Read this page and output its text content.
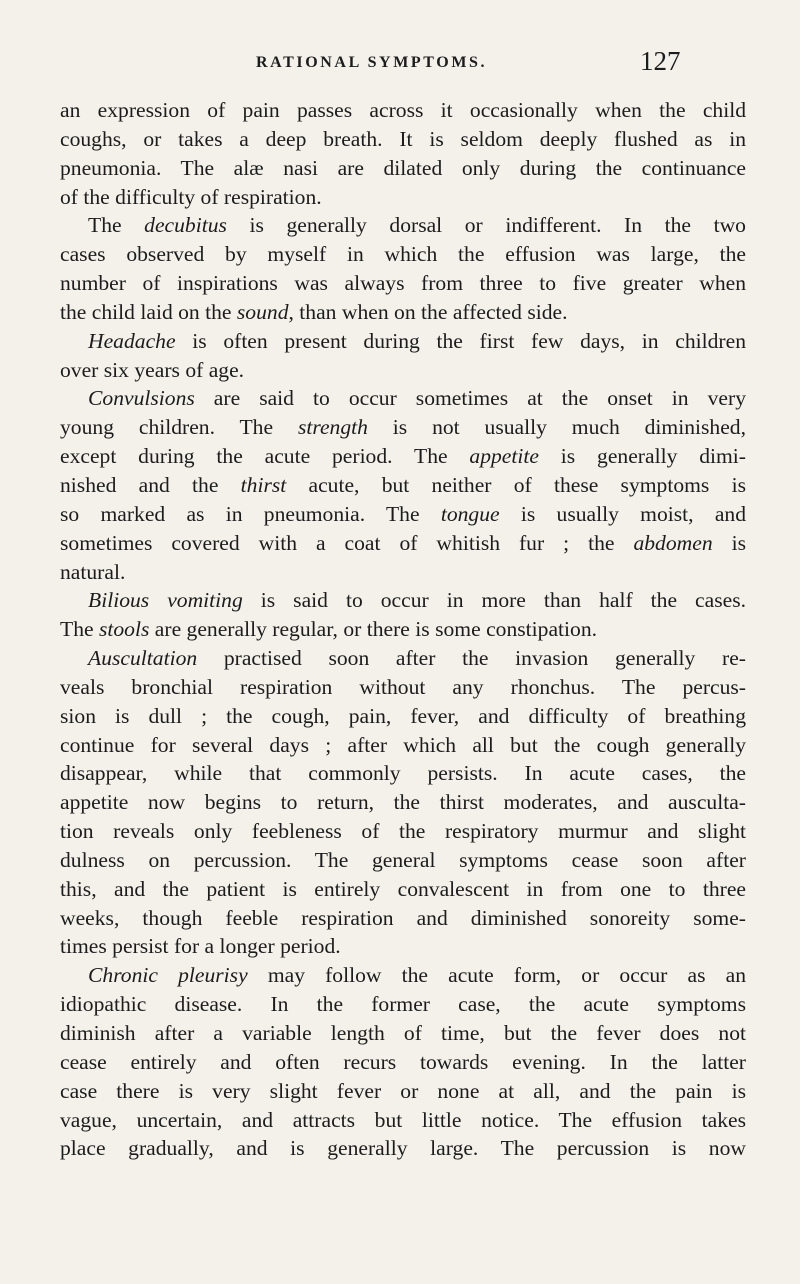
RATIONAL SYMPTOMS.	127
an expression of pain passes across it occasionally when the child
coughs, or takes a deep breath. It is seldom deeply flushed as in
pneumonia. The alæ nasi are dilated only during the continuance
of the difficulty of respiration.
The decubitus is generally dorsal or indifferent. In the two
cases observed by myself in which the effusion was large, the
number of inspirations was always from three to five greater when
the child laid on the sound, than when on the affected side.
Headache is often present during the first few days, in children
over six years of age.
Convulsions are said to occur sometimes at the onset in very
young children. The strength is not usually much diminished,
except during the acute period. The appetite is generally dimi-
nished and the thirst acute, but neither of these symptoms is
so marked as in pneumonia. The tongue is usually moist, and
sometimes covered with a coat of whitish fur ; the abdomen is
natural.
Bilious vomiting is said to occur in more than half the cases.
The stools are generally regular, or there is some constipation.
Auscultation practised soon after the invasion generally re-
veals bronchial respiration without any rhonchus. The percus-
sion is dull ; the cough, pain, fever, and difficulty of breathing
continue for several days ; after which all but the cough generally
disappear, while that commonly persists. In acute cases, the
appetite now begins to return, the thirst moderates, and ausculta-
tion reveals only feebleness of the respiratory murmur and slight
dulness on percussion. The general symptoms cease soon after
this, and the patient is entirely convalescent in from one to three
weeks, though feeble respiration and diminished sonoreity some-
times persist for a longer period.
Chronic pleurisy may follow the acute form, or occur as an
idiopathic disease. In the former case, the acute symptoms
diminish after a variable length of time, but the fever does not
cease entirely and often recurs towards evening. In the latter
case there is very slight fever or none at all, and the pain is
vague, uncertain, and attracts but little notice. The effusion takes
place gradually, and is generally large. The percussion is now
